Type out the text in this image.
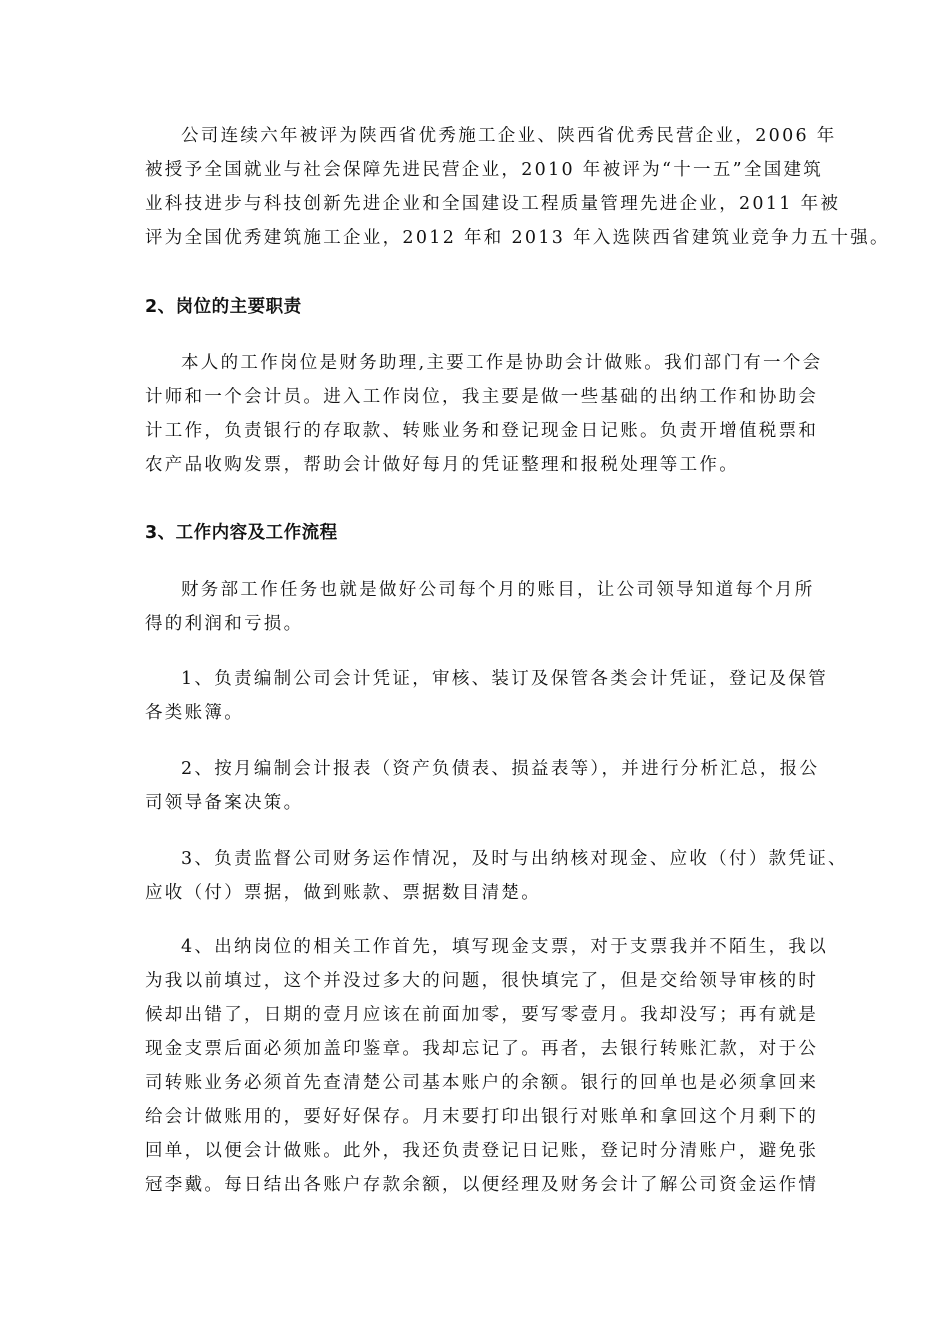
公司连续六年被评为陕西省优秀施工企业、陕西省优秀民营企业，2006 年
被授予全国就业与社会保障先进民营企业，2010 年被评为“十一五”全国建筑
业科技进步与科技创新先进企业和全国建设工程质量管理先进企业，2011 年被
评为全国优秀建筑施工企业，2012 年和 2013 年入选陕西省建筑业竞争力五十强。
2、岗位的主要职责
本人的工作岗位是财务助理,主要工作是协助会计做账。我们部门有一个会
计师和一个会计员。进入工作岗位，我主要是做一些基础的出纳工作和协助会
计工作，负责银行的存取款、转账业务和登记现金日记账。负责开增值税票和
农产品收购发票，帮助会计做好每月的凭证整理和报税处理等工作。
3、工作内容及工作流程
财务部工作任务也就是做好公司每个月的账目，让公司领导知道每个月所
得的利润和亏损。
1、负责编制公司会计凭证，审核、装订及保管各类会计凭证，登记及保管
各类账簿。
2、按月编制会计报表（资产负债表、损益表等），并进行分析汇总，报公
司领导备案决策。
3、负责监督公司财务运作情况，及时与出纳核对现金、应收（付）款凭证、
应收（付）票据，做到账款、票据数目清楚。
4、出纳岗位的相关工作首先，填写现金支票，对于支票我并不陌生，我以
为我以前填过，这个并没过多大的问题，很快填完了，但是交给领导审核的时
候却出错了，日期的壹月应该在前面加零，要写零壹月。我却没写；再有就是
现金支票后面必须加盖印鉴章。我却忘记了。再者，去银行转账汇款，对于公
司转账业务必须首先查清楚公司基本账户的余额。银行的回单也是必须拿回来
给会计做账用的，要好好保存。月末要打印出银行对账单和拿回这个月剩下的
回单，以便会计做账。此外，我还负责登记日记账，登记时分清账户，避免张
冠李戴。每日结出各账户存款余额，以便经理及财务会计了解公司资金运作情
